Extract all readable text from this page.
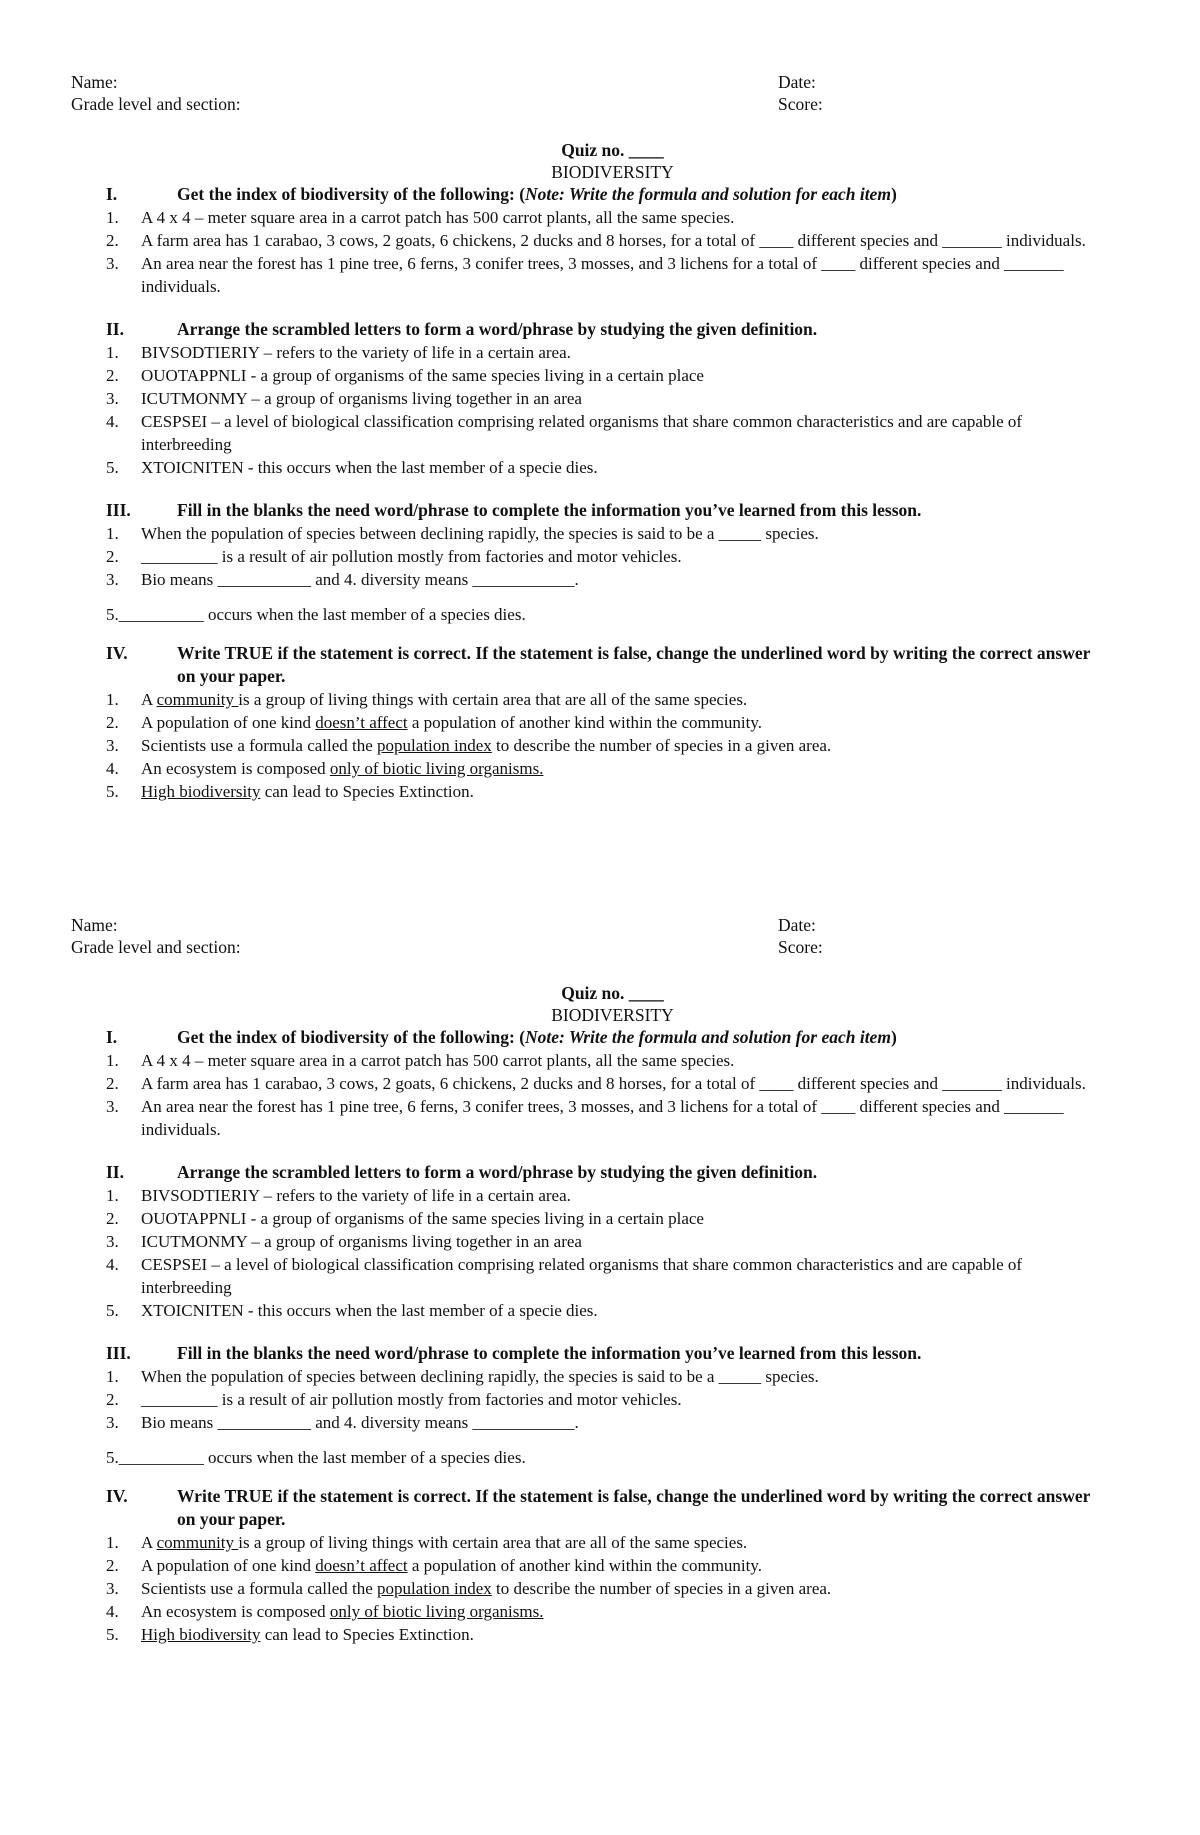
Name:	Date:
Grade level and section:	Score:
Quiz no. ____
BIODIVERSITY
I.	Get the index of biodiversity of the following: (Note: Write the formula and solution for each item)
1. A 4 x 4 – meter square area in a carrot patch has 500 carrot plants, all the same species.
2. A farm area has 1 carabao, 3 cows, 2 goats, 6 chickens, 2 ducks and 8 horses, for a total of ____ different species and _______ individuals.
3. An area near the forest has 1 pine tree, 6 ferns, 3 conifer trees, 3 mosses, and 3 lichens for a total of ____ different species and _______ individuals.
II.	Arrange the scrambled letters to form a word/phrase by studying the given definition.
1. BIVSODTIERIY – refers to the variety of life in a certain area.
2. OUOTAPPNLI - a group of organisms of the same species living in a certain place
3. ICUTMONMY – a group of organisms living together in an area
4. CESPSEI – a level of biological classification comprising related organisms that share common characteristics and are capable of interbreeding
5. XTOICNITEN - this occurs when the last member of a specie dies.
III.	Fill in the blanks the need word/phrase to complete the information you’ve learned from this lesson.
1. When the population of species between declining rapidly, the species is said to be a _____ species.
2. _________ is a result of air pollution mostly from factories and motor vehicles.
3. Bio means ___________ and 4. diversity means ____________.
5.__________ occurs when the last member of a species dies.
IV.	Write TRUE if the statement is correct. If the statement is false, change the underlined word by writing the correct answer on your paper.
1. A community is a group of living things with certain area that are all of the same species.
2. A population of one kind doesn’t affect a population of another kind within the community.
3. Scientists use a formula called the population index to describe the number of species in a given area.
4. An ecosystem is composed only of biotic living organisms.
5. High biodiversity can lead to Species Extinction.
Name:	Date:
Grade level and section:	Score:
Quiz no. ____
BIODIVERSITY
I.	Get the index of biodiversity of the following: (Note: Write the formula and solution for each item)
1. A 4 x 4 – meter square area in a carrot patch has 500 carrot plants, all the same species.
2. A farm area has 1 carabao, 3 cows, 2 goats, 6 chickens, 2 ducks and 8 horses, for a total of ____ different species and _______ individuals.
3. An area near the forest has 1 pine tree, 6 ferns, 3 conifer trees, 3 mosses, and 3 lichens for a total of ____ different species and _______ individuals.
II.	Arrange the scrambled letters to form a word/phrase by studying the given definition.
1. BIVSODTIERIY – refers to the variety of life in a certain area.
2. OUOTAPPNLI - a group of organisms of the same species living in a certain place
3. ICUTMONMY – a group of organisms living together in an area
4. CESPSEI – a level of biological classification comprising related organisms that share common characteristics and are capable of interbreeding
5. XTOICNITEN - this occurs when the last member of a specie dies.
III.	Fill in the blanks the need word/phrase to complete the information you’ve learned from this lesson.
1. When the population of species between declining rapidly, the species is said to be a _____ species.
2. _________ is a result of air pollution mostly from factories and motor vehicles.
3. Bio means ___________ and 4. diversity means ____________.
5.__________ occurs when the last member of a species dies.
IV.	Write TRUE if the statement is correct. If the statement is false, change the underlined word by writing the correct answer on your paper.
1. A community is a group of living things with certain area that are all of the same species.
2. A population of one kind doesn’t affect a population of another kind within the community.
3. Scientists use a formula called the population index to describe the number of species in a given area.
4. An ecosystem is composed only of biotic living organisms.
5. High biodiversity can lead to Species Extinction.
